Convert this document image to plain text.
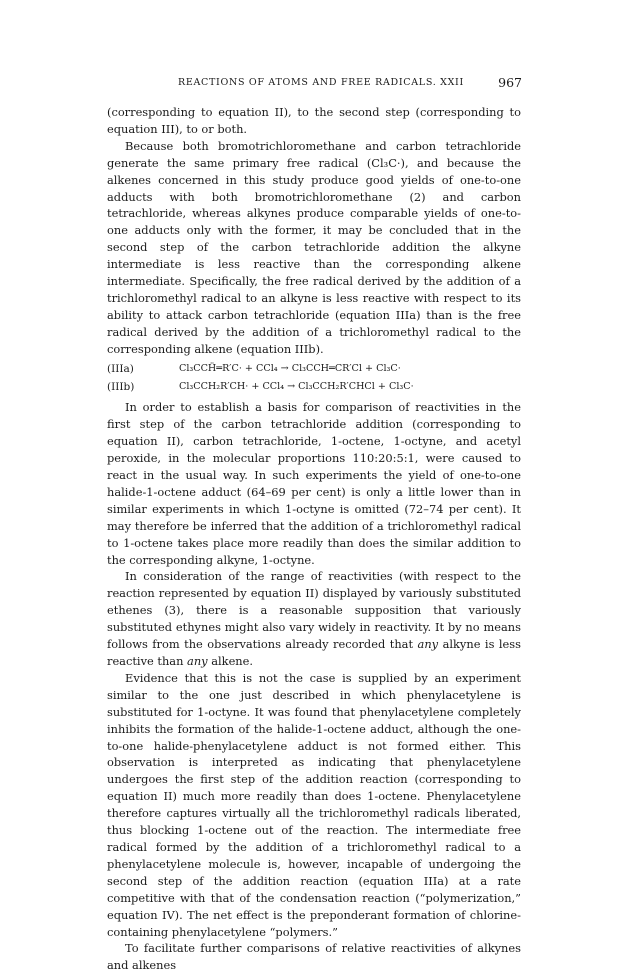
REACTIONS OF ATOMS AND FREE RADICALS. XXII	967

(corresponding to equation II), to the second step (corresponding to equation III), to or both.

Because both bromotrichloromethane and carbon tetrachloride generate the same primary free radical (Cl₃C·), and because the alkenes concerned in this study produce good yields of one-to-one adducts with both bromotrichloromethane (2) and carbon tetrachloride, whereas alkynes produce comparable yields of one-to-one adducts only with the former, it may be concluded that in the second step of the carbon tetrachloride addition the alkyne intermediate is less reactive than the corresponding alkene intermediate. Specifically, the free radical derived by the addition of a trichloromethyl radical to an alkyne is less reactive with respect to its ability to attack carbon tetrachloride (equation IIIa) than is the free radical derived by the addition of a trichloromethyl radical to the corresponding alkene (equation IIIb).

(IIIa)	Cl₃CCḦ═R′C· + CCl₄ → Cl₃CCH═CR′Cl + Cl₃C·
(IIIb)	Cl₃CCH₂R′CH· + CCl₄ → Cl₃CCH₂R′CHCl + Cl₃C·

In order to establish a basis for comparison of reactivities in the first step of the carbon tetrachloride addition (corresponding to equation II), carbon tetrachloride, 1-octene, 1-octyne, and acetyl peroxide, in the molecular proportions 110:20:5:1, were caused to react in the usual way. In such experiments the yield of one-to-one halide-1-octene adduct (64–69 per cent) is only a little lower than in similar experiments in which 1-octyne is omitted (72–74 per cent). It may therefore be inferred that the addition of a trichloromethyl radical to 1-octene takes place more readily than does the similar addition to the corresponding alkyne, 1-octyne.

In consideration of the range of reactivities (with respect to the reaction represented by equation II) displayed by variously substituted ethenes (3), there is a reasonable supposition that variously substituted ethynes might also vary widely in reactivity. It by no means follows from the observations already recorded that any alkyne is less reactive than any alkene.

Evidence that this is not the case is supplied by an experiment similar to the one just described in which phenylacetylene is substituted for 1-octyne. It was found that phenylacetylene completely inhibits the formation of the halide-1-octene adduct, although the one-to-one halide-phenylacetylene adduct is not formed either. This observation is interpreted as indicating that phenylacetylene undergoes the first step of the addition reaction (corresponding to equation II) much more readily than does 1-octene. Phenylacetylene therefore captures virtually all the trichloromethyl radicals liberated, thus blocking 1-octene out of the reaction. The intermediate free radical formed by the addition of a trichloromethyl radical to a phenylacetylene molecule is, however, incapable of undergoing the second step of the addition reaction (equation IIIa) at a rate competitive with that of the condensation reaction (“polymerization,” equation IV). The net effect is the preponderant formation of chlorine-containing phenylacetylene “polymers.”

To facilitate further comparisons of relative reactivities of alkynes and alkenes
